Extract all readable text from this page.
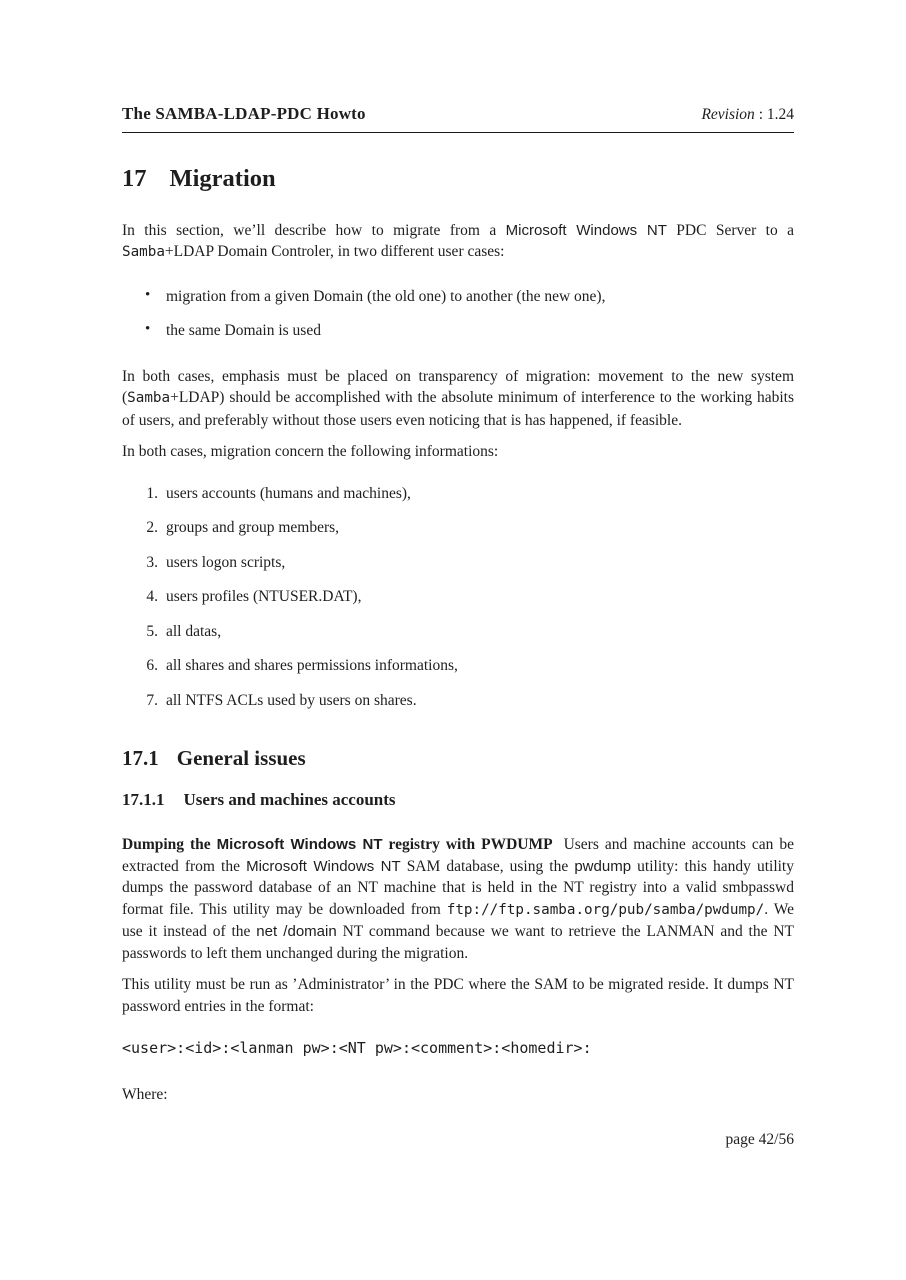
The SAMBA-LDAP-PDC Howto	Revision : 1.24
17 Migration

In this section, we’ll describe how to migrate from a Microsoft Windows NT PDC Server to a Samba+LDAP Domain Controler, in two different user cases:

• migration from a given Domain (the old one) to another (the new one),
• the same Domain is used

In both cases, emphasis must be placed on transparency of migration: movement to the new system (Samba+LDAP) should be accomplished with the absolute minimum of interference to the working habits of users, and preferably without those users even noticing that is has happened, if feasible.

In both cases, migration concern the following informations:

1. users accounts (humans and machines),
2. groups and group members,
3. users logon scripts,
4. users profiles (NTUSER.DAT),
5. all datas,
6. all shares and shares permissions informations,
7. all NTFS ACLs used by users on shares.
17.1 General issues
17.1.1 Users and machines accounts

Dumping the Microsoft Windows NT registry with PWDUMP Users and machine accounts can be extracted from the Microsoft Windows NT SAM database, using the pwdump utility: this handy utility dumps the password database of an NT machine that is held in the NT registry into a valid smbpasswd format file. This utility may be downloaded from ftp://ftp.samba.org/pub/samba/pwdump/. We use it instead of the net /domain NT command because we want to retrieve the LANMAN and the NT passwords to left them unchanged during the migration.

This utility must be run as ’Administrator’ in the PDC where the SAM to be migrated reside. It dumps NT password entries in the format:

<user>:<id>:<lanman pw>:<NT pw>:<comment>:<homedir>:

Where:

page 42/56
